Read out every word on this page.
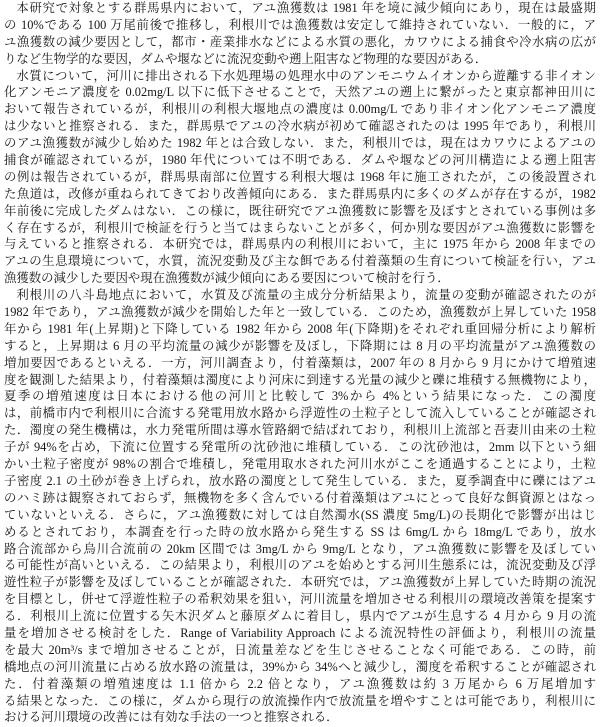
本研究で対象とする群馬県内において，アユ漁獲数は 1981 年を境に減少傾向にあり，現在は最盛期
の 10%である 100 万尾前後で推移し，利根川では漁獲数は安定して維持されていない．一般的に，ア
ユ漁獲数の減少要因として，都市・産業排水などによる水質の悪化，カワウによる捕食や冷水病の広が
りなど生物学的な要因，ダムや堰などに流況変動や遡上阻害など物理的な要因がある．
水質について，河川に排出される下水処理場の処理水中のアンモニウムイオンから遊離する非イオン
化アンモニア濃度を 0.02mg/L 以下に低下させることで，天然アユの遡上に繋がったと東京都神田川に
おいて報告されているが，利根川の利根大堰地点の濃度は 0.00mg/L であり非イオン化アンモニア濃度
は少ないと推察される．また，群馬県でアユの冷水病が初めて確認されたのは 1995 年であり，利根川
のアユ漁獲数が減少し始めた 1982 年とは合致しない．また，利根川では，現在はカワウによるアユの
捕食が確認されているが，1980 年代については不明である．ダムや堰などの河川構造による遡上阻害
の例は報告されているが，群馬県南部に位置する利根大堰は 1968 年に施工されたが，この後設置され
た魚道は，改修が重ねられてきており改善傾向にある．また群馬県内に多くのダムが存在するが，1982
年前後に完成したダムはない．この様に，既往研究でアユ漁獲数に影響を及ぼすとされている事例は多
く存在するが，利根川で検証を行うと当てはまらないことが多く，何か別な要因がアユ漁獲数に影響を
与えていると推察される．本研究では，群馬県内の利根川において，主に 1975 年から 2008 年までの
アユの生息環境について，水質，流況変動及び主な餌である付着藻類の生育について検証を行い，アユ
漁獲数の減少した要因や現在漁獲数が減少傾向にある要因について検討を行う．
利根川の八斗島地点において，水質及び流量の主成分分析結果より，流量の変動が確認されたのが
1982 年であり，アユ漁獲数が減少を開始した年と一致している．このため，漁獲数が上昇していた 1958
年から 1981 年(上昇期)と下降している 1982 年から 2008 年(下降期)をそれぞれ重回帰分析により解析
すると，上昇期は 6 月の平均流量の減少が影響を及ぼし，下降期には 8 月の平均流量がアユ漁獲数の
増加要因であるといえる．一方，河川調査より，付着藻類は，2007 年の 8 月から 9 月にかけて増殖速
度を観測した結果より，付着藻類は濁度により河床に到達する光量の減少と礫に堆積する無機物により，
夏季の増殖速度は日本における他の河川と比較して 3%から 4%という結果になった．この濁度
は，前橋市内で利根川に合流する発電用放水路から浮遊性の土粒子として流入していることが確認され
た．濁度の発生機構は，水力発電所間は導水管路網で結ばれており，利根川上流部と吾妻川由来の土粒
子が 94%を占め，下流に位置する発電所の沈砂池に堆積している．この沈砂池は，2mm 以下という細
かい土粒子密度が 98%の割合で堆積し，発電用取水された河川水がここを通過することにより，土粒
子密度 2.1 の土砂が巻き上げられ，放水路の濁度として発生している．また，夏季調査中に礫にはアユ
のハミ跡は観察されておらず，無機物を多く含んでいる付着藻類はアユにとって良好な餌資源とはなっ
ていないといえる．さらに，アユ漁獲数に対しては自然濁水(SS 濃度 5mg/L)の長期化で影響が出はじ
めるとされており，本調査を行った時の放水路から発生する SS は 6mg/L から 18mg/L であり，放水
路合流部から烏川合流前の 20km 区間では 3mg/L から 9mg/L となり，アユ漁獲数に影響を及ぼしてい
る可能性が高いといえる．この結果より，利根川のアユを始めとする河川生態系には，流況変動及び浮
遊性粒子が影響を及ぼしていることが確認された．本研究では，アユ漁獲数が上昇していた時期の流況
を目標とし，併せて浮遊性粒子の希釈効果を狙い，河川流量を増加させる利根川の環境改善策を提案す
る．利根川上流に位置する矢木沢ダムと藤原ダムに着目し，県内でアユが生息する 4 月から 9 月の流
量を増加させる検討をした．Range of Variability Approach による流況特性の評価より，利根川の流量
を最大 20m³/s まで増加させることが，日流量差などを生じさせることなく可能である．この時，前
橋地点の河川流量に占める放水路の流量は，39%から 34%へと減少し，濁度を希釈することが確認され
た．付着藻類の増殖速度は 1.1 倍から 2.2 倍となり，アユ漁獲数は約 3 万尾から 6 万尾増加す
る結果となった．この様に，ダムから現行の放流操作内で放流量を増やすことは可能であり，利根川に
おける河川環境の改善には有効な手法の一つと推察される．
